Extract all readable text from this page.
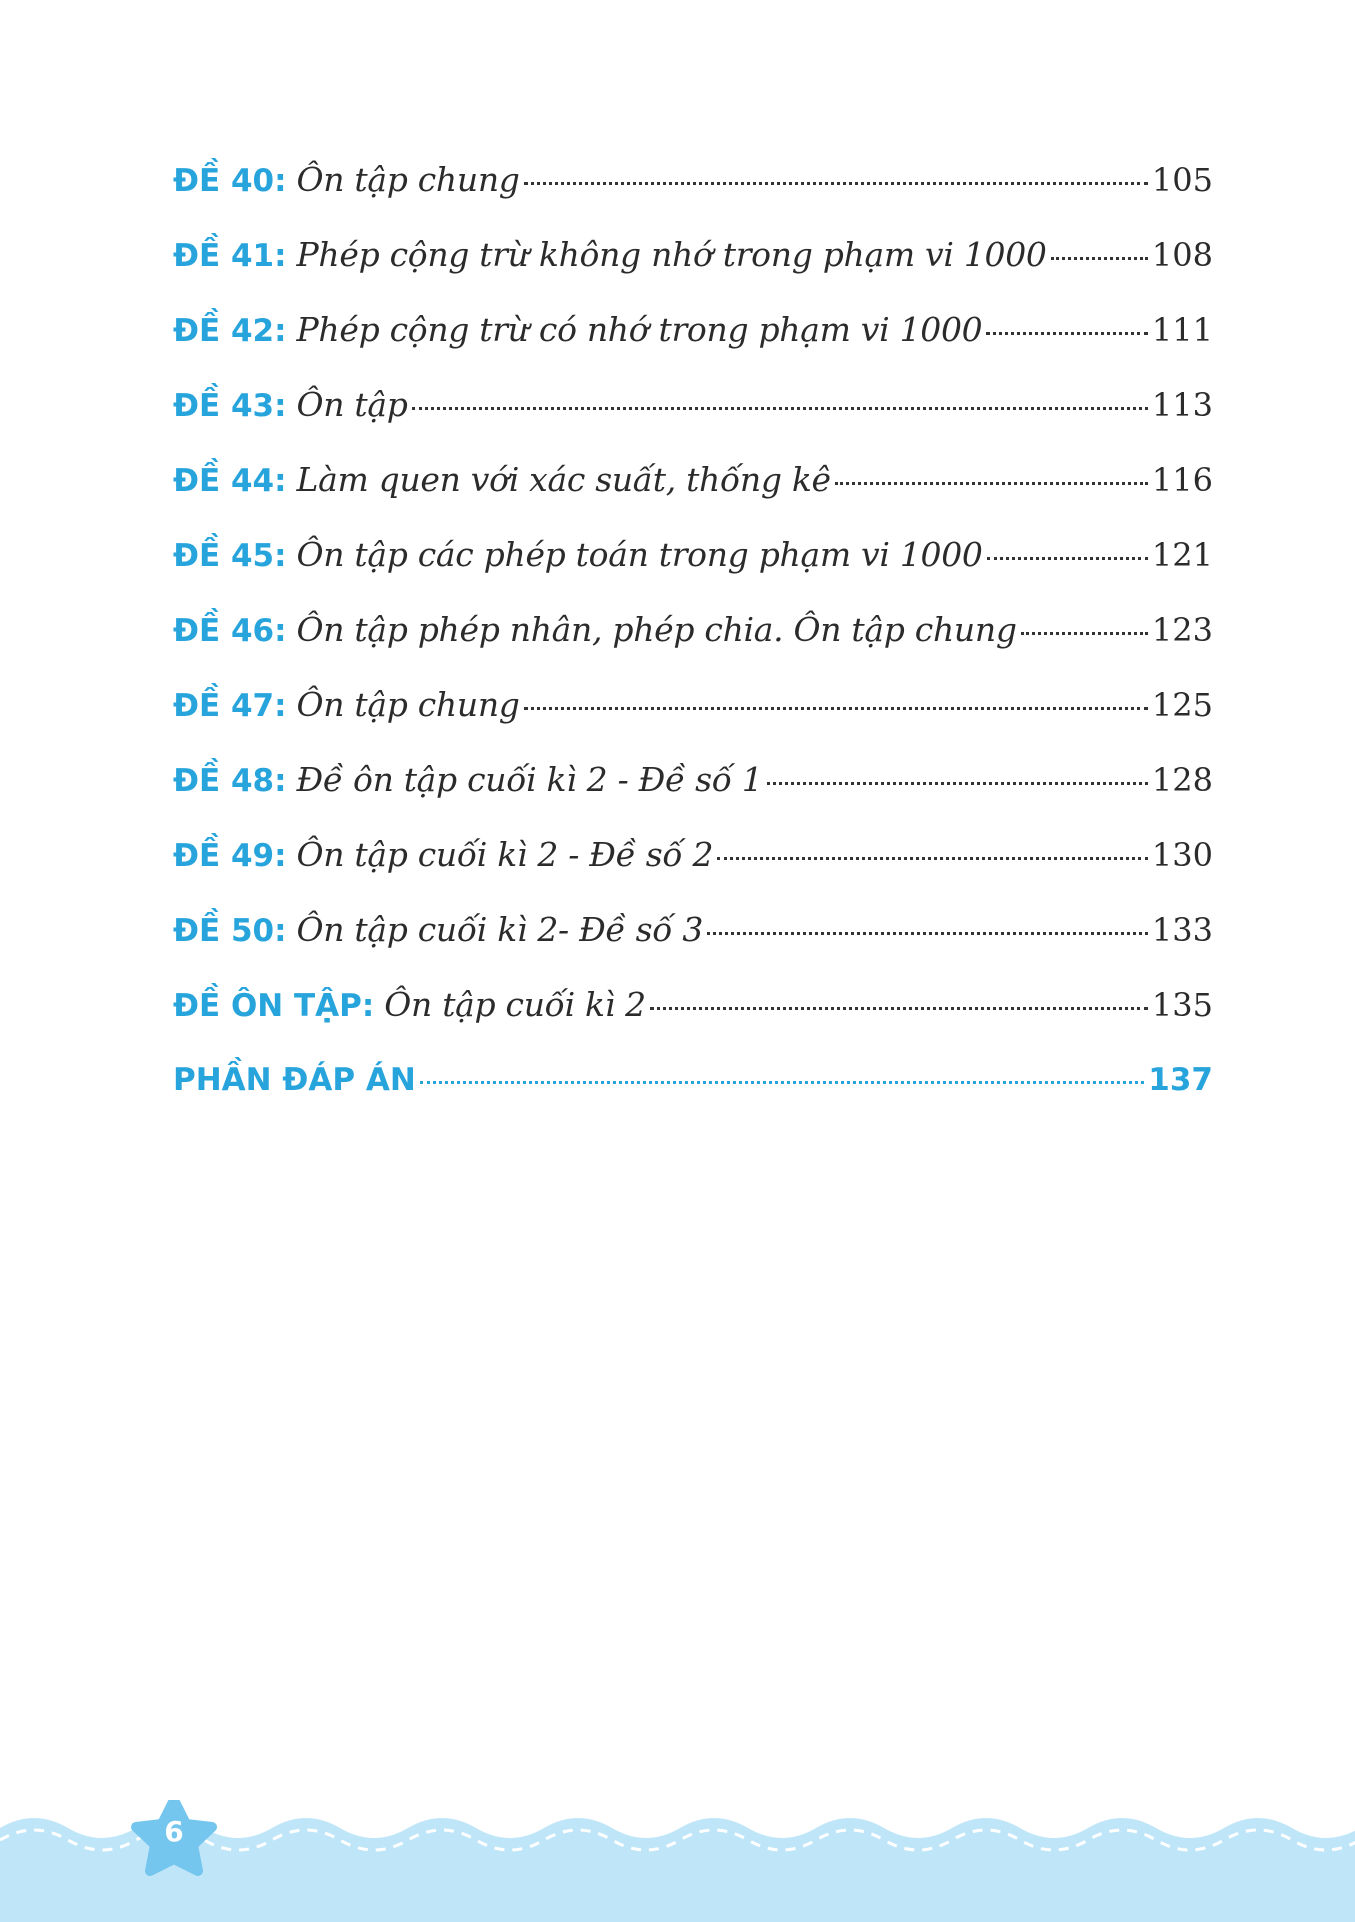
ĐỀ 40: Ôn tập chung	105
ĐỀ 41: Phép cộng trừ không nhớ trong phạm vi 1000	108
ĐỀ 42: Phép cộng trừ có nhớ trong phạm vi 1000	111
ĐỀ 43: Ôn tập	113
ĐỀ 44: Làm quen với xác suất, thống kê	116
ĐỀ 45: Ôn tập các phép toán trong phạm vi 1000	121
ĐỀ 46: Ôn tập phép nhân, phép chia. Ôn tập chung	123
ĐỀ 47: Ôn tập chung	125
ĐỀ 48: Đề ôn tập cuối kì 2 - Đề số 1	128
ĐỀ 49: Ôn tập cuối kì 2 - Đề số 2	130
ĐỀ 50: Ôn tập cuối kì 2- Đề số 3	133
ĐỀ ÔN TẬP: Ôn tập cuối kì 2	135
PHẦN ĐÁP ÁN	137
6
